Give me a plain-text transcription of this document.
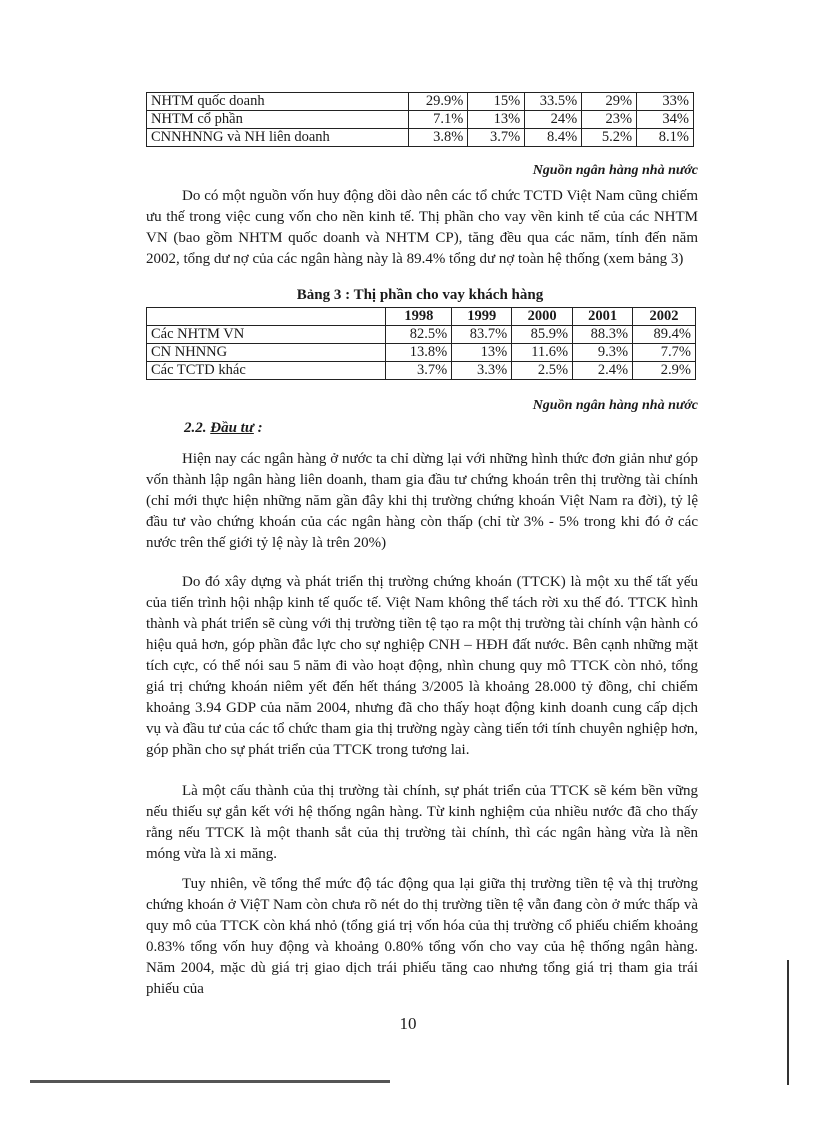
NHTM quốc doanh	29.9%	15%	33.5%	29%	33%
NHTM cổ phần	7.1%	13%	24%	23%	34%
CNNHNNG và NH liên doanh	3.8%	3.7%	8.4%	5.2%	8.1%
Nguồn ngân hàng nhà nước
Do có một nguồn vốn huy động dồi dào nên các tổ chức TCTD Việt Nam cũng chiếm ưu thế trong việc cung vốn cho nền kinh tế. Thị phần cho vay vền kinh tế của các NHTM VN (bao gồm NHTM quốc doanh và NHTM CP), tăng đều qua các năm, tính đến năm 2002, tổng dư nợ của các ngân hàng này là 89.4% tổng dư nợ toàn hệ thống (xem bảng 3)
Bảng 3 : Thị phần cho vay khách hàng
	1998	1999	2000	2001	2002
Các NHTM VN	82.5%	83.7%	85.9%	88.3%	89.4%
CN NHNNG	13.8%	13%	11.6%	9.3%	7.7%
Các TCTD khác	3.7%	3.3%	2.5%	2.4%	2.9%
Nguồn ngân hàng nhà nước
2.2. Đầu tư :
Hiện nay các ngân hàng ở nước ta chỉ dừng lại với những hình thức đơn giản như góp vốn thành lập ngân hàng liên doanh, tham gia đầu tư chứng khoán trên thị trường tài chính (chỉ mới thực hiện những năm gần đây khi thị trường chứng khoán Việt Nam ra đời), tỷ lệ đầu tư vào chứng khoán của các ngân hàng còn thấp (chỉ từ 3% - 5% trong khi đó ở các nước trên thế giới tỷ lệ này là trên 20%)
Do đó xây dựng và phát triển thị trường chứng khoán (TTCK) là một xu thế tất yếu của tiến trình hội nhập kinh tế quốc tế. Việt Nam không thể tách rời xu thế đó. TTCK hình thành và phát triển sẽ cùng với thị trường tiền tệ tạo ra một thị trường tài chính vận hành có hiệu quả hơn, góp phần đắc lực cho sự nghiệp CNH – HĐH đất nước. Bên cạnh những mặt tích cực, có thể nói sau 5 năm đi vào hoạt động, nhìn chung quy mô TTCK còn nhỏ, tổng giá trị chứng khoán niêm yết đến hết tháng 3/2005 là khoảng 28.000 tỷ đồng, chỉ chiếm khoảng 3.94 GDP của năm 2004, nhưng đã cho thấy hoạt động kinh doanh cung cấp dịch vụ và đầu tư của các tổ chức tham gia thị trường ngày càng tiến tới tính chuyên nghiệp hơn, góp phần cho sự phát triển của TTCK trong tương lai.
Là một cấu thành của thị trường tài chính, sự phát triển của TTCK sẽ kém bền vững nếu thiếu sự gắn kết với hệ thống ngân hàng. Từ kinh nghiệm của nhiều nước đã cho thấy rằng nếu TTCK là một thanh sắt của thị trường tài chính, thì các ngân hàng vừa là nền móng vừa là xi măng.
Tuy nhiên, về tổng thể mức độ tác động qua lại giữa thị trường tiền tệ và thị trường chứng khoán ở ViệT Nam còn chưa rõ nét do thị trường tiền tệ vẫn đang còn ở mức thấp và quy mô của TTCK còn khá nhỏ (tổng giá trị vốn hóa của thị trường cổ phiếu chiếm khoảng 0.83% tổng vốn huy động và khoảng 0.80% tổng vốn cho vay của hệ thống ngân hàng. Năm 2004, mặc dù giá trị giao dịch trái phiếu tăng cao nhưng tổng giá trị tham gia trái phiếu của
10
